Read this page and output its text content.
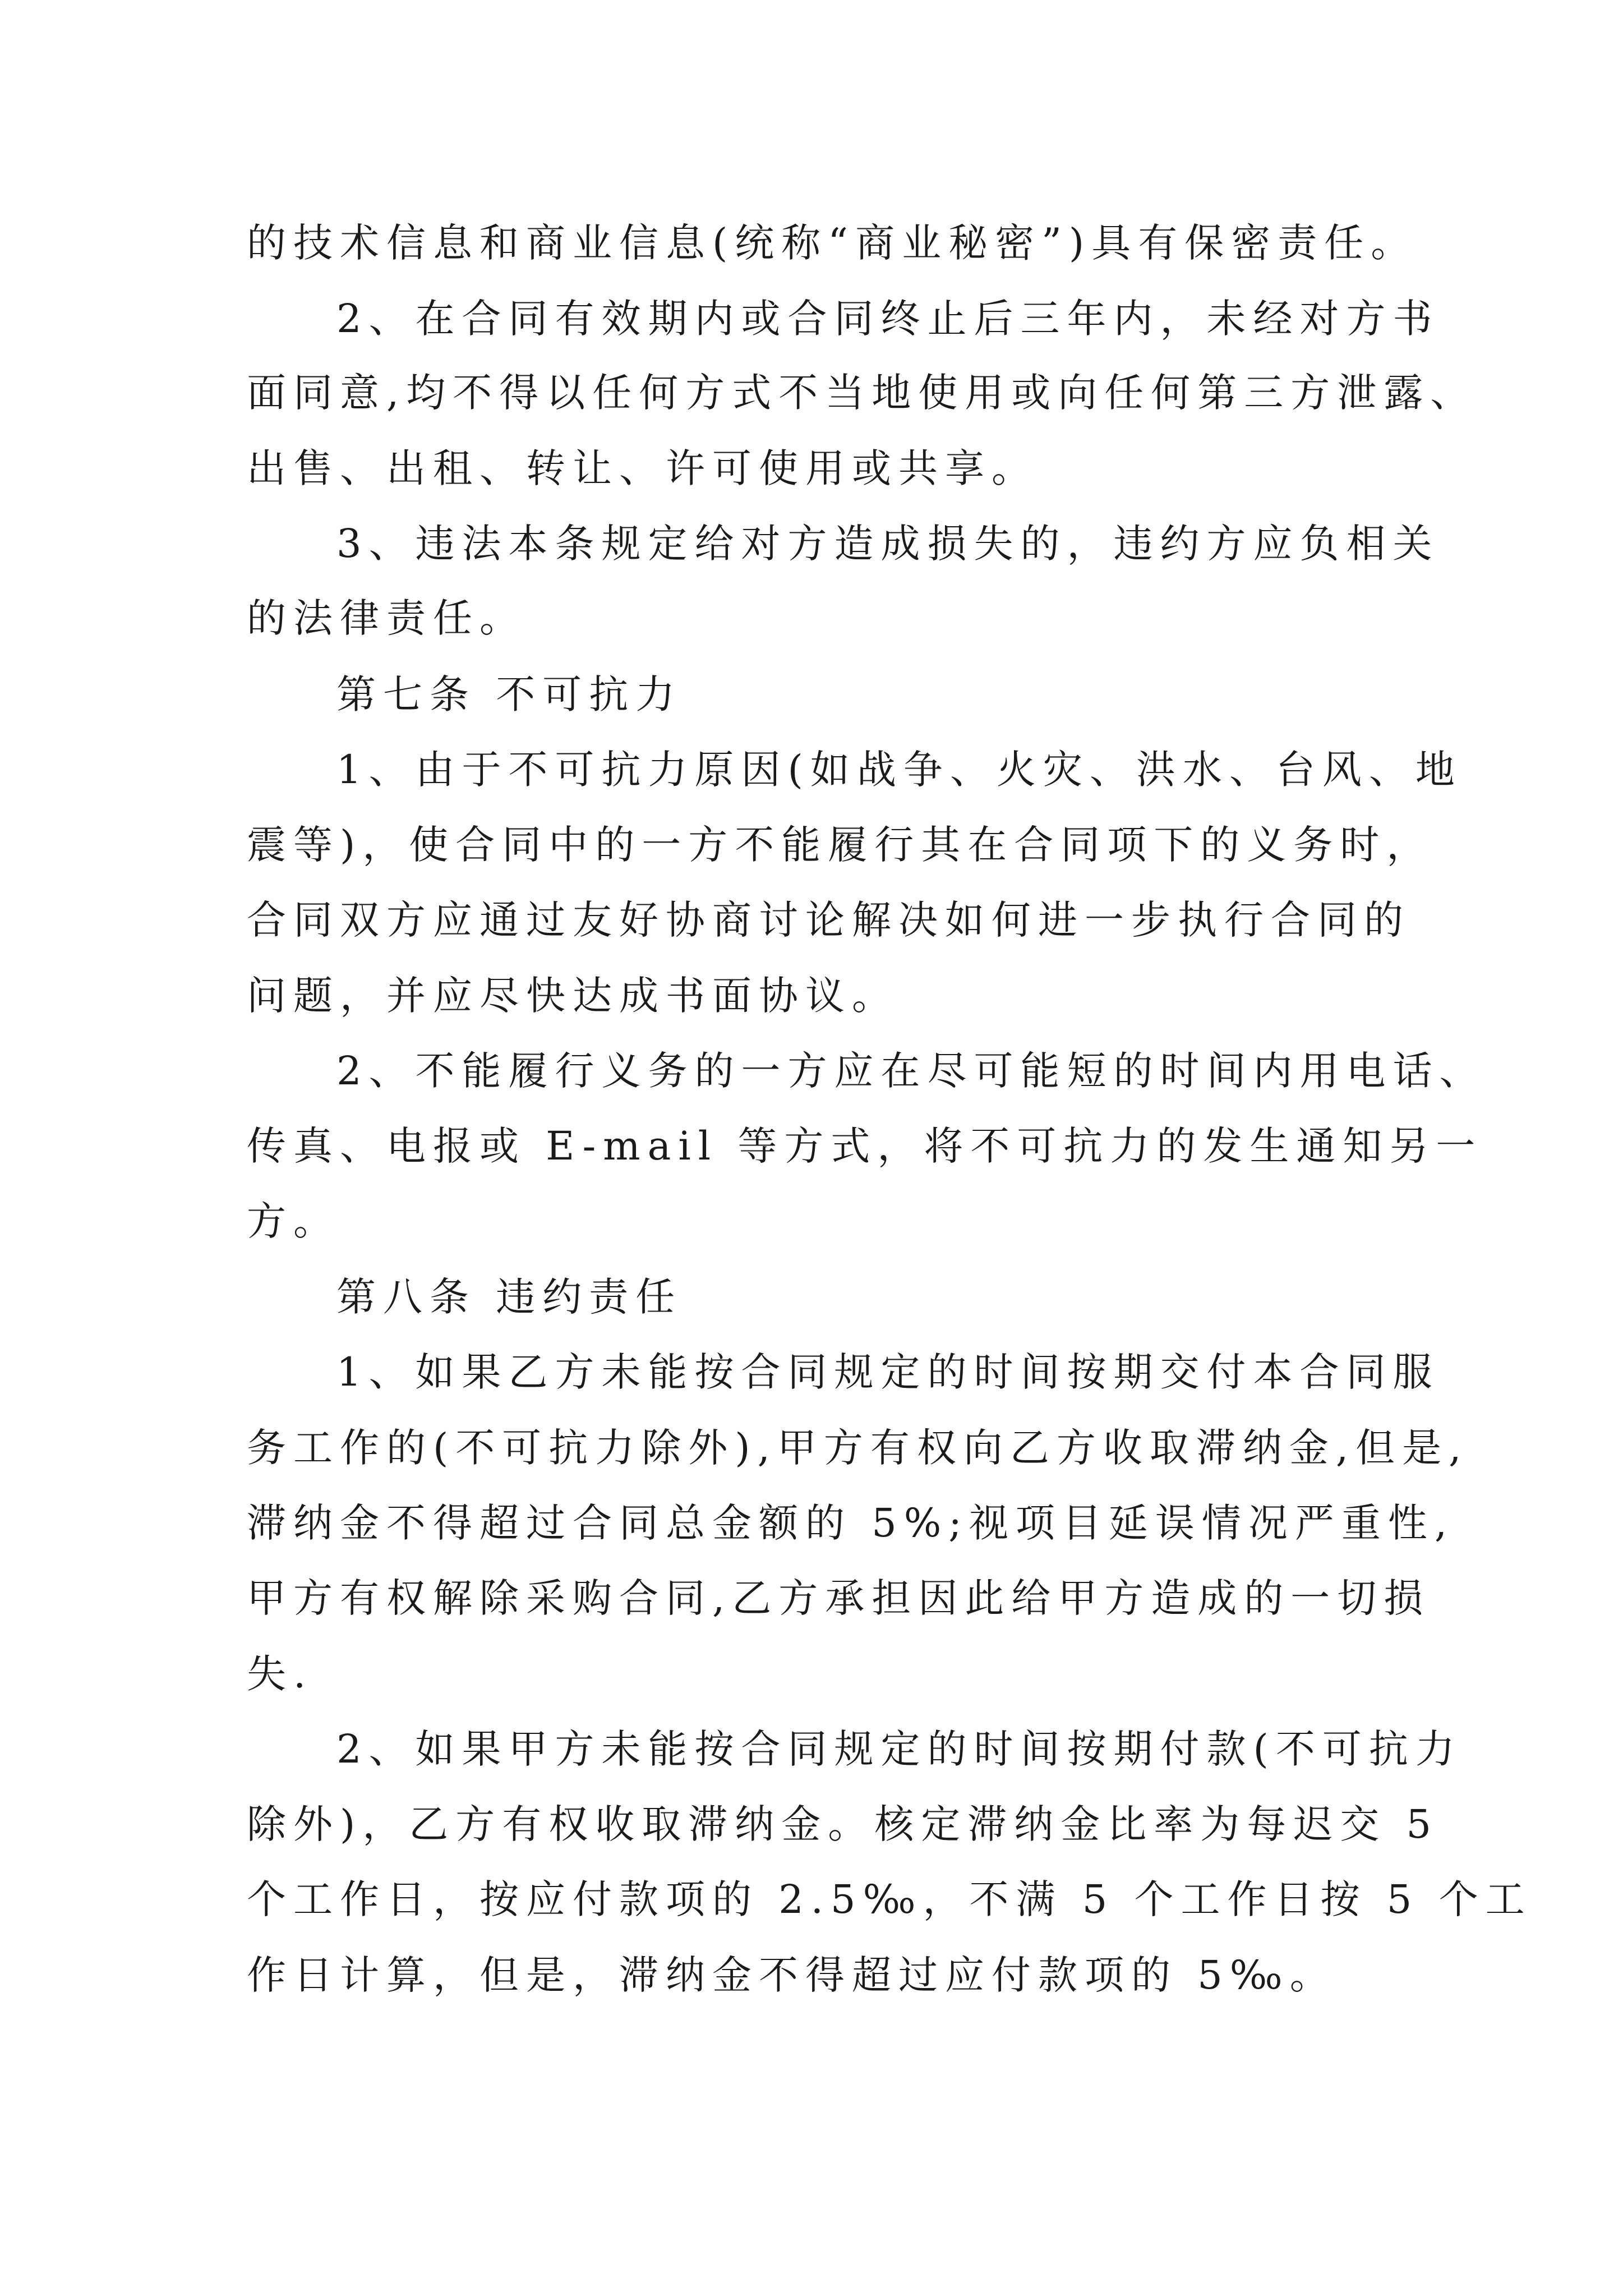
的技术信息和商业信息(统称“商业秘密”)具有保密责任。

2、在合同有效期内或合同终止后三年内，未经对方书

面同意,均不得以任何方式不当地使用或向任何第三方泄露、

出售、出租、转让、许可使用或共享。

3、违法本条规定给对方造成损失的，违约方应负相关

的法律责任。

第七条 不可抗力

1、由于不可抗力原因(如战争、火灾、洪水、台风、地

震等)，使合同中的一方不能履行其在合同项下的义务时，

合同双方应通过友好协商讨论解决如何进一步执行合同的

问题，并应尽快达成书面协议。

2、不能履行义务的一方应在尽可能短的时间内用电话、

传真、电报或 E-mail 等方式，将不可抗力的发生通知另一

方。

第八条 违约责任

1、如果乙方未能按合同规定的时间按期交付本合同服

务工作的(不可抗力除外),甲方有权向乙方收取滞纳金,但是,

滞纳金不得超过合同总金额的 5%;视项目延误情况严重性,

甲方有权解除采购合同,乙方承担因此给甲方造成的一切损

失.

2、如果甲方未能按合同规定的时间按期付款(不可抗力

除外)，乙方有权收取滞纳金。核定滞纳金比率为每迟交 5

个工作日，按应付款项的 2.5‰，不满 5 个工作日按 5 个工

作日计算，但是，滞纳金不得超过应付款项的 5‰。
